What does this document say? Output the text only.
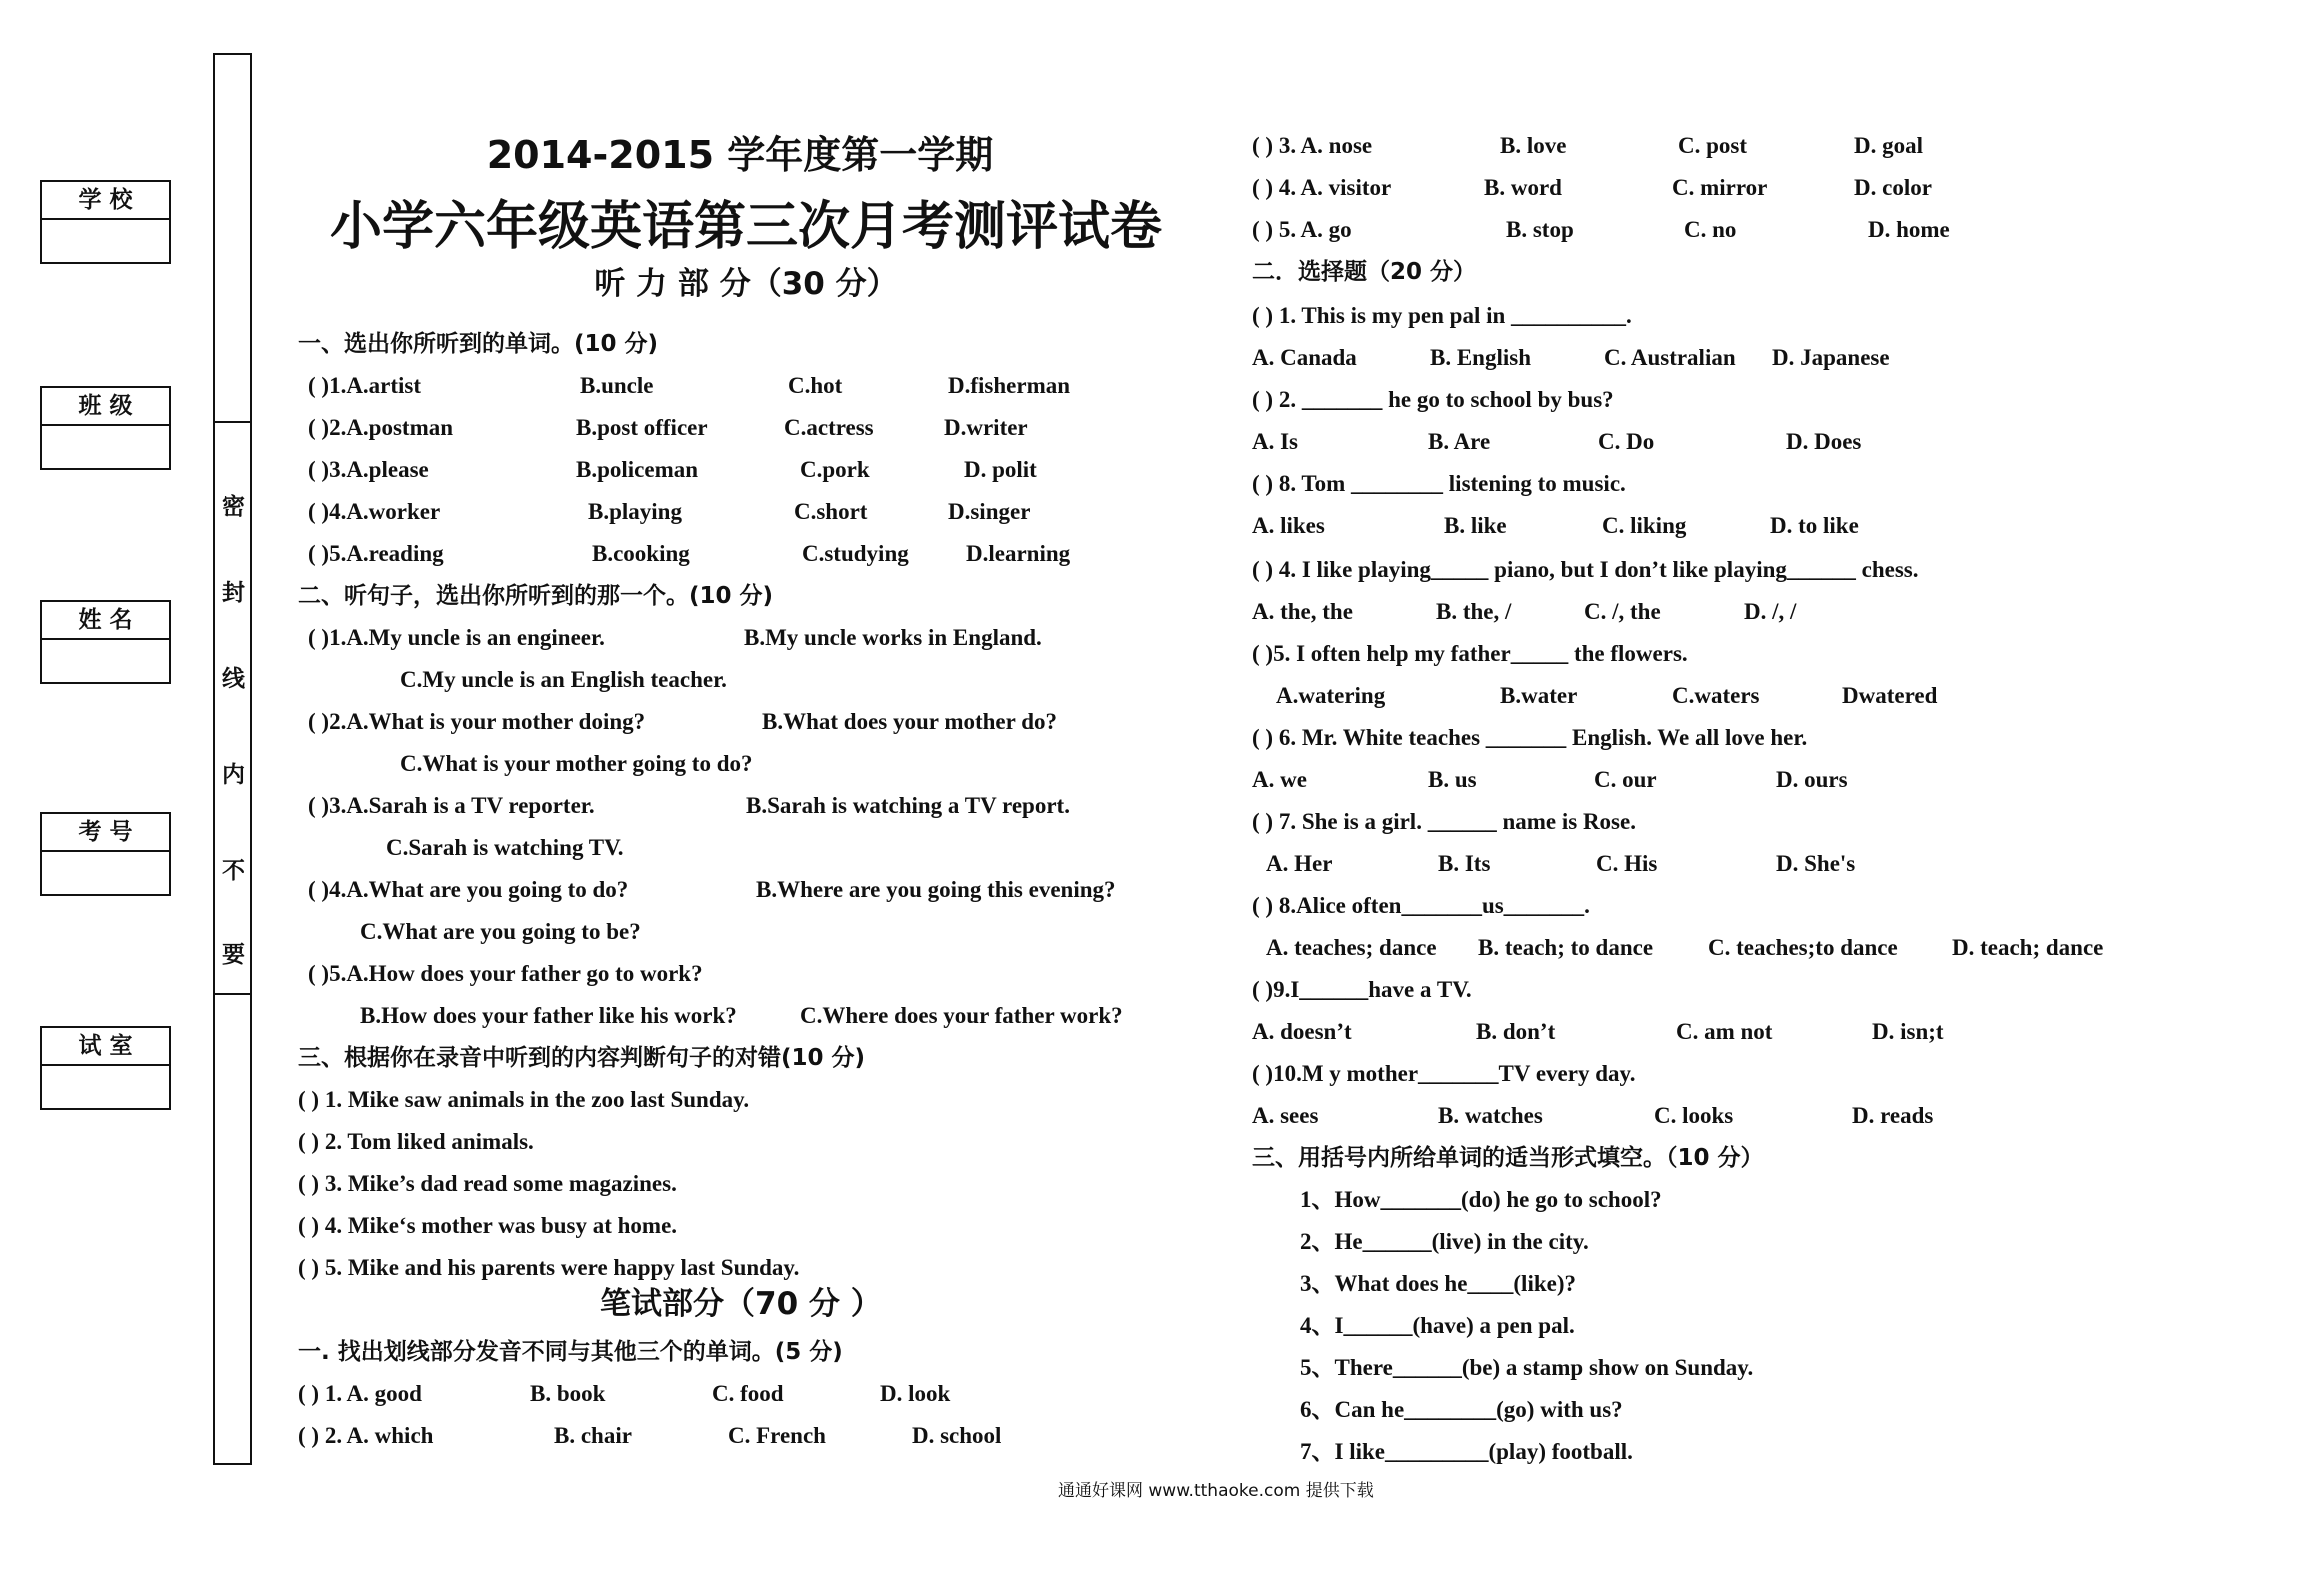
密
封
线
内
不
要
学 校
班 级
姓 名
考 号
试 室
2014-2015 学年度第一学期
小学六年级英语第三次月考测评试卷
听 力 部 分（30 分）
一、选出你所听到的单词。(10 分)
( )1.A.artist	B.uncle	C.hot	D.fisherman
( )2.A.postman	B.post officer	C.actress	D.writer
( )3.A.please	B.policeman	C.pork	D. polit
( )4.A.worker	B.playing	C.short	D.singer
( )5.A.reading	B.cooking	C.studying D.learning
二、听句子，选出你所听到的那一个。(10 分)
( )1.A.My uncle is an engineer.	B.My uncle works in England.
C.My uncle is an English teacher.
( )2.A.What is your mother doing?	B.What does your mother do?
C.What is your mother going to do?
( )3.A.Sarah is a TV reporter.	B.Sarah is watching a TV report.
C.Sarah is watching TV.
( )4.A.What are you going to do?	B.Where are you going this evening?
C.What are you going to be?
( )5.A.How does your father go to work?
B.How does your father like his work?	C.Where does your father work?
三、根据你在录音中听到的内容判断句子的对错(10 分)
( ) 1. Mike saw animals in the zoo last Sunday.
( ) 2. Tom liked animals.
( ) 3. Mike’s dad read some magazines.
( ) 4. Mike‘s mother was busy at home.
( ) 5. Mike and his parents were happy last Sunday.
笔试部分（70 分 ）
一. 找出划线部分发音不同与其他三个的单词。(5 分)
( ) 1. A. good	B. book	C. food	D. look
( ) 2. A. which	B. chair	C. French	D. school
( ) 3. A. nose	B. love	C. post	D. goal
( ) 4. A. visitor	B. word	C. mirror	D. color
( ) 5. A. go	B. stop	C. no	D. home
二．选择题（20 分）
( ) 1. This is my pen pal in __________.
A. Canada	B. English	C. Australian D. Japanese
( ) 2. _______ he go to school by bus?
A. Is	B. Are	C. Do	D. Does
( ) 8. Tom ________ listening to music.
A. likes	B. like	C. liking	D. to like
( ) 4. I like playing_____ piano, but I don’t like playing______ chess.
A. the, the	B. the, /	C. /, the	D. /, /
( )5. I often help my father_____ the flowers.
A.watering	B.water	C.waters	Dwatered
( ) 6. Mr. White teaches _______ English. We all love her.
A. we	B. us	C. our	D. ours
( ) 7. She is a girl. ______ name is Rose.
A. Her	B. Its	C. His	D. She's
( ) 8.Alice often_______us_______.
A. teaches; dance B. teach; to dance C. teaches;to dance D. teach; dance
( )9.I______have a TV.
A. doesn’t	B. don’t	C. am not	D. isn;t
( )10.M y mother_______TV every day.
A. sees	B. watches	C. looks	D. reads
三、用括号内所给单词的适当形式填空。（10 分）
1、How_______(do) he go to school?
2、He______(live) in the city.
3、What does he____(like)?
4、I______(have) a pen pal.
5、There______(be) a stamp show on Sunday.
6、Can he________(go) with us?
7、I like_________(play) football.
通通好课网 www.tthaoke.com 提供下载
